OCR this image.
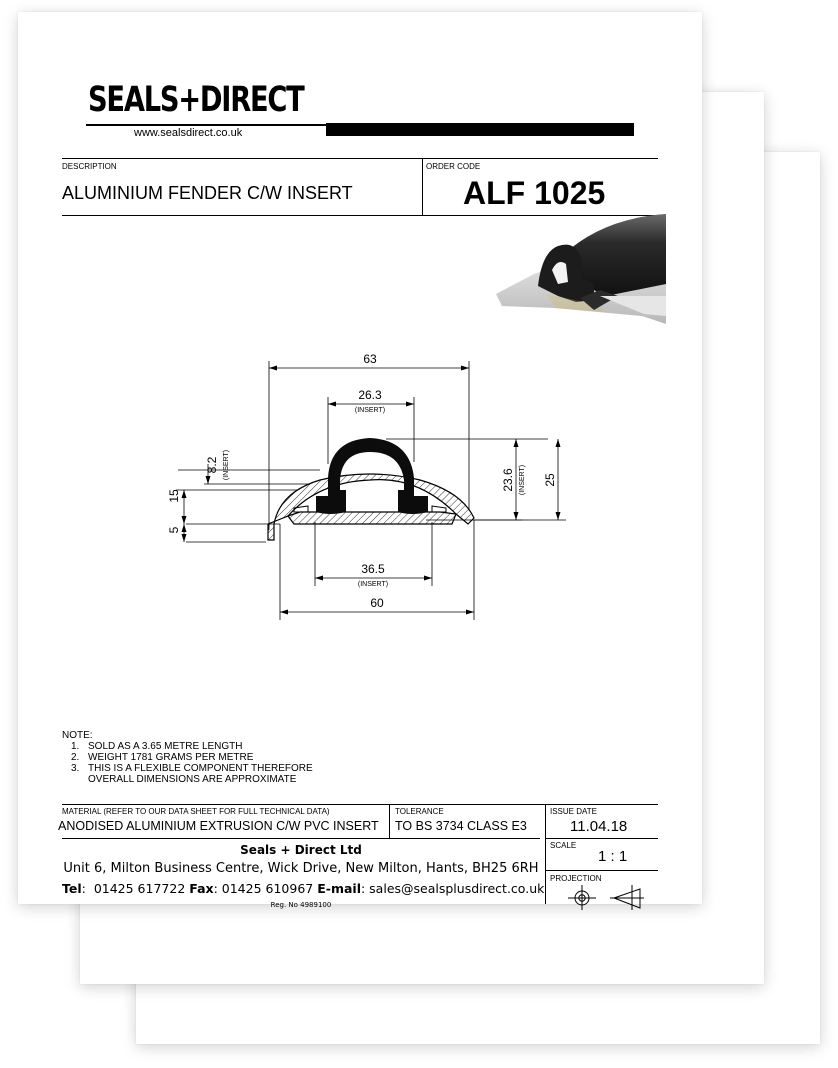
SEALS+DIRECT
www.sealsdirect.co.uk
DESCRIPTION
ALUMINIUM FENDER C/W INSERT
ORDER CODE
ALF 1025
63
26.3
(INSERT)
36.5
(INSERT)
60
23.6 (INSERT) 25
8.2 (INSERT)
15
5
NOTE:
1. SOLD AS A 3.65 METRE LENGTH
2. WEIGHT 1781 GRAMS PER METRE
3. THIS IS A FLEXIBLE COMPONENT THEREFORE
OVERALL DIMENSIONS ARE APPROXIMATE
MATERIAL (REFER TO OUR DATA SHEET FOR FULL TECHNICAL DATA)
ANODISED ALUMINIUM EXTRUSION C/W PVC INSERT
TOLERANCE
TO BS 3734 CLASS E3
ISSUE DATE
11.04.18
SCALE
1 : 1
PROJECTION
Seals + Direct Ltd
Unit 6, Milton Business Centre, Wick Drive, New Milton, Hants, BH25 6RH
Tel:  01425 617722 Fax: 01425 610967 E-mail: sales@sealsplusdirect.co.uk
Reg. No 4989100
